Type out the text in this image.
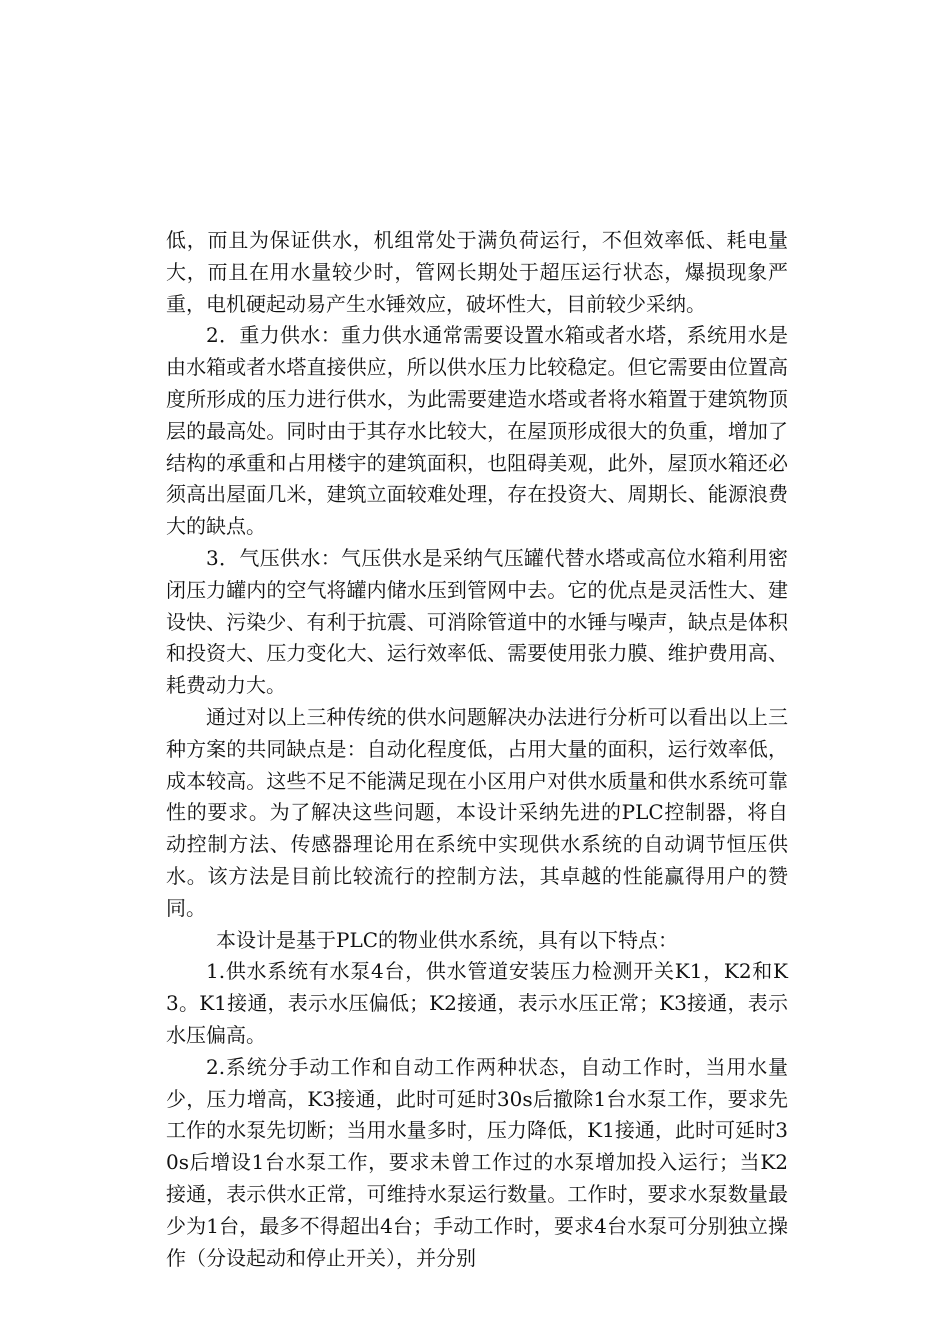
低，而且为保证供水，机组常处于满负荷运行，不但效率低、耗电量大，而且在用水量较少时，管网长期处于超压运行状态，爆损现象严重，电机硬起动易产生水锤效应，破坏性大，目前较少采纳。

2．重力供水：重力供水通常需要设置水箱或者水塔，系统用水是由水箱或者水塔直接供应，所以供水压力比较稳定。但它需要由位置高度所形成的压力进行供水，为此需要建造水塔或者将水箱置于建筑物顶层的最高处。同时由于其存水比较大，在屋顶形成很大的负重，增加了结构的承重和占用楼宇的建筑面积，也阻碍美观，此外，屋顶水箱还必须高出屋面几米，建筑立面较难处理，存在投资大、周期长、能源浪费大的缺点。

3．气压供水：气压供水是采纳气压罐代替水塔或高位水箱利用密闭压力罐内的空气将罐内储水压到管网中去。它的优点是灵活性大、建设快、污染少、有利于抗震、可消除管道中的水锤与噪声，缺点是体积和投资大、压力变化大、运行效率低、需要使用张力膜、维护费用高、耗费动力大。

通过对以上三种传统的供水问题解决办法进行分析可以看出以上三种方案的共同缺点是：自动化程度低，占用大量的面积，运行效率低，成本较高。这些不足不能满足现在小区用户对供水质量和供水系统可靠性的要求。为了解决这些问题，本设计采纳先进的PLC控制器，将自动控制方法、传感器理论用在系统中实现供水系统的自动调节恒压供水。该方法是目前比较流行的控制方法，其卓越的性能赢得用户的赞同。

本设计是基于PLC的物业供水系统，具有以下特点：

1.供水系统有水泵4台，供水管道安装压力检测开关K1，K2和K3。K1接通，表示水压偏低；K2接通，表示水压正常；K3接通，表示水压偏高。

2.系统分手动工作和自动工作两种状态，自动工作时，当用水量少，压力增高，K3接通，此时可延时30s后撤除1台水泵工作，要求先工作的水泵先切断；当用水量多时，压力降低，K1接通，此时可延时30s后增设1台水泵工作，要求未曾工作过的水泵增加投入运行；当K2接通，表示供水正常，可维持水泵运行数量。工作时，要求水泵数量最少为1台，最多不得超出4台；手动工作时，要求4台水泵可分别独立操作（分设起动和停止开关），并分别
